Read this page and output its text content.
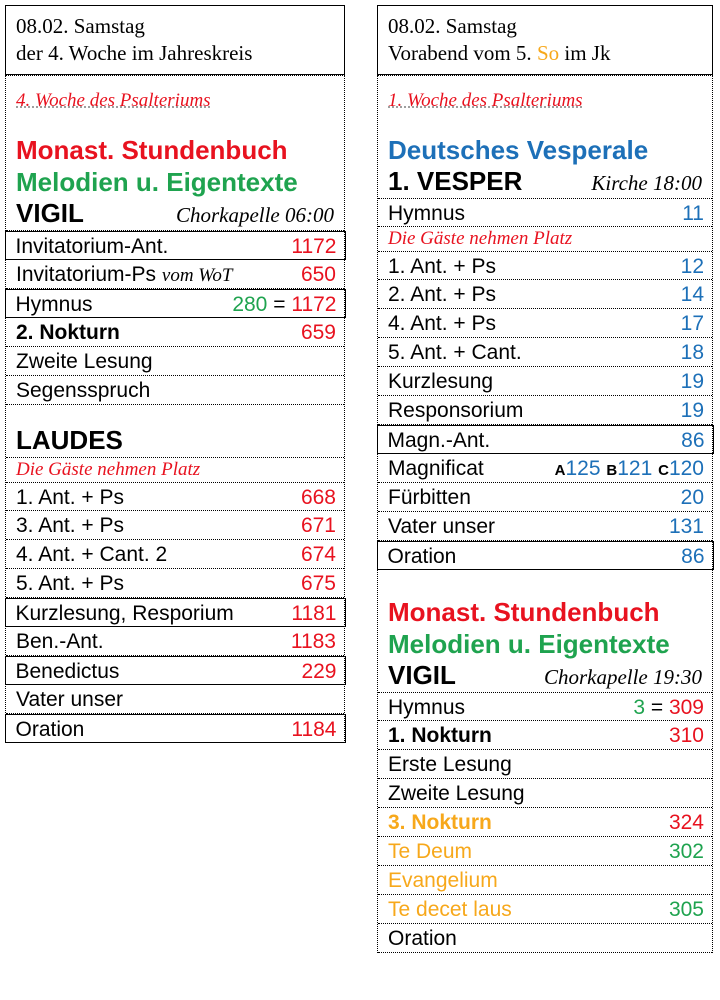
08.02. Samstag
der 4. Woche im Jahreskreis
4. Woche des Psalteriums
Monast. Stundenbuch
Melodien u. Eigentexte
VIGIL	Chorkapelle 06:00
Invitatorium-Ant.	1172
Invitatorium-Ps vom WoT	650
Hymnus	280 = 1172
2. Nokturn	659
Zweite Lesung
Segensspruch
LAUDES
Die Gäste nehmen Platz
1. Ant. + Ps	668
3. Ant. + Ps	671
4. Ant. + Cant. 2	674
5. Ant. + Ps	675
Kurzlesung, Resporium	1181
Ben.-Ant.	1183
Benedictus	229
Vater unser
Oration	1184
08.02. Samstag
Vorabend vom 5. So im Jk
1. Woche des Psalteriums
Deutsches Vesperale
1. VESPER	Kirche 18:00
Hymnus	11
Die Gäste nehmen Platz
1. Ant. + Ps	12
2. Ant. + Ps	14
4. Ant. + Ps	17
5. Ant. + Cant.	18
Kurzlesung	19
Responsorium	19
Magn.-Ant.	86
Magnificat	A125 B121 C120
Fürbitten	20
Vater unser	131
Oration	86
Monast. Stundenbuch
Melodien u. Eigentexte
VIGIL	Chorkapelle 19:30
Hymnus	3 = 309
1. Nokturn	310
Erste Lesung
Zweite Lesung
3. Nokturn	324
Te Deum	302
Evangelium
Te decet laus	305
Oration
